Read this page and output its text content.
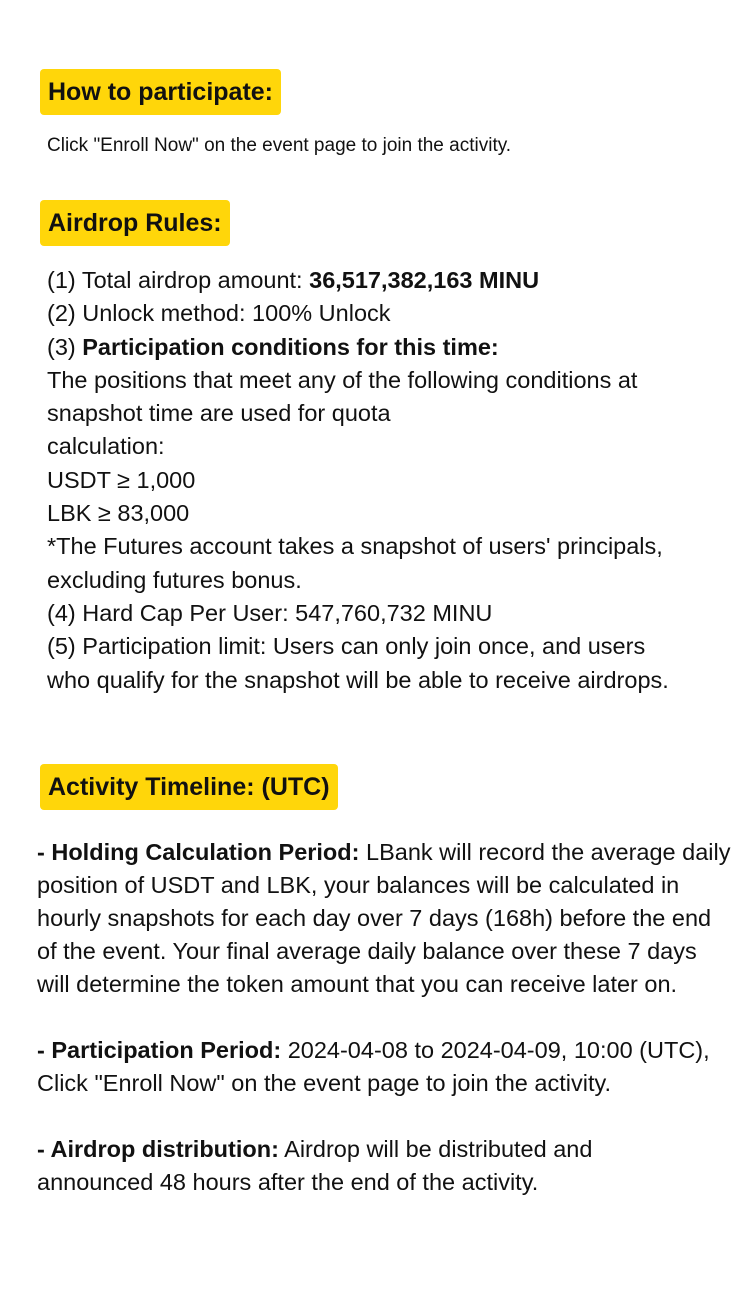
How to participate:
Click "Enroll Now" on the event page to join the activity.
Airdrop Rules:
(1) Total airdrop amount: 36,517,382,163 MINU
(2) Unlock method: 100% Unlock
(3) Participation conditions for this time:
The positions that meet any of the following conditions at snapshot time are used for quota
calculation:
USDT ≥ 1,000
LBK ≥ 83,000
*The Futures account takes a snapshot of users' principals, excluding futures bonus.
(4) Hard Cap Per User: 547,760,732 MINU
(5) Participation limit: Users can only join once, and users who qualify for the snapshot will be able to receive airdrops.
Activity Timeline: (UTC)

- Holding Calculation Period: LBank will record the average daily position of USDT and LBK, your balances will be calculated in hourly snapshots for each day over 7 days (168h) before the end of the event. Your final average daily balance over these 7 days will determine the token amount that you can receive later on.

- Participation Period: 2024-04-08 to 2024-04-09, 10:00 (UTC), Click "Enroll Now" on the event page to join the activity.

- Airdrop distribution: Airdrop will be distributed and announced 48 hours after the end of the activity.
